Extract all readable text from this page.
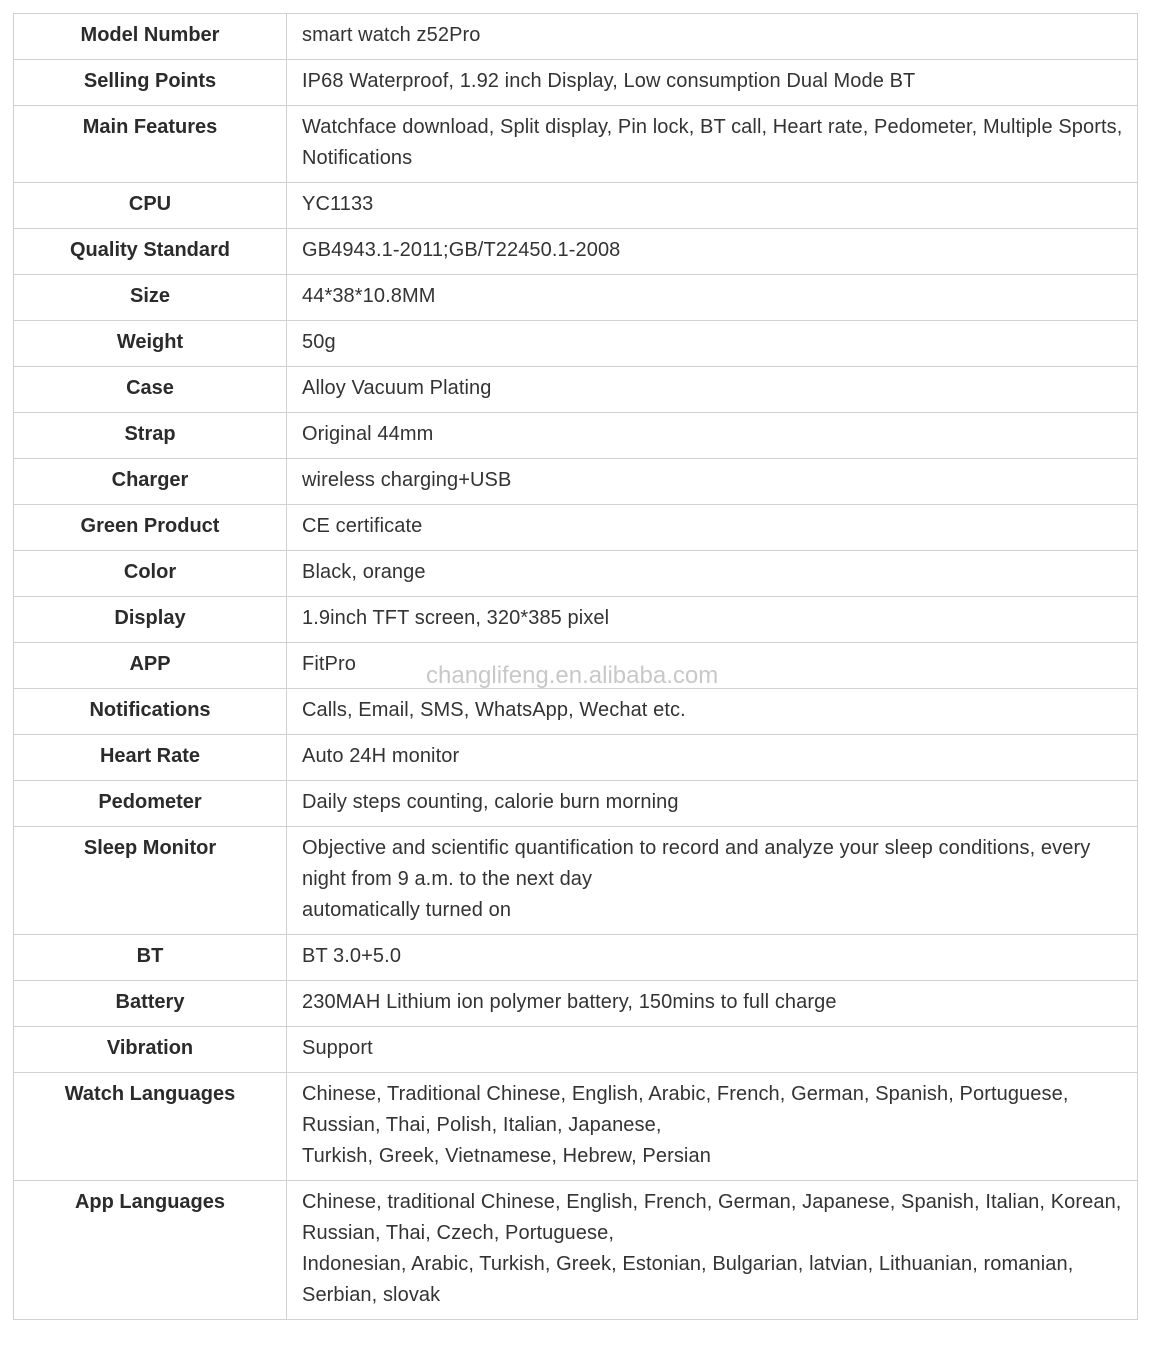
Model Number	smart watch z52Pro

Selling Points	IP68 Waterproof, 1.92 inch Display, Low consumption Dual Mode BT

Main Features	Watchface download, Split display, Pin lock, BT call, Heart rate, Pedometer, Multiple Sports, Notifications

CPU	YC1133

Quality Standard	GB4943.1-2011;GB/T22450.1-2008

Size	44*38*10.8MM

Weight	50g

Case	Alloy Vacuum Plating

Strap	Original 44mm

Charger	wireless charging+USB

Green Product	CE certificate

Color	Black, orange

Display	1.9inch TFT screen, 320*385 pixel

APP	FitPro

Notifications	Calls, Email, SMS, WhatsApp, Wechat etc.

Heart Rate	Auto 24H monitor

Pedometer	Daily steps counting, calorie burn morning

Sleep Monitor	Objective and scientific quantification to record and analyze your sleep conditions, every night from 9 a.m. to the next day
automatically turned on

BT	BT 3.0+5.0

Battery	230MAH Lithium ion polymer battery, 150mins to full charge

Vibration	Support

Watch Languages	Chinese, Traditional Chinese, English, Arabic, French, German, Spanish, Portuguese, Russian, Thai, Polish, Italian, Japanese,
Turkish, Greek, Vietnamese, Hebrew, Persian

App Languages	Chinese, traditional Chinese, English, French, German, Japanese, Spanish, Italian, Korean, Russian, Thai, Czech, Portuguese,
Indonesian, Arabic, Turkish, Greek, Estonian, Bulgarian, latvian, Lithuanian, romanian, Serbian, slovak
changlifeng.en.alibaba.com
